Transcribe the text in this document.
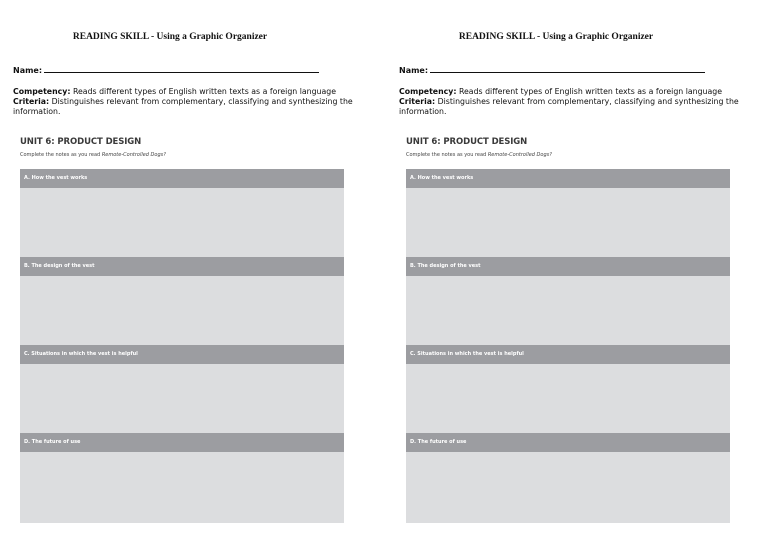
READING SKILL - Using a Graphic Organizer
Name:
Competency: Reads different types of English written texts as a foreign language
Criteria: Distinguishes relevant from complementary, classifying and synthesizing the information.
UNIT 6: PRODUCT DESIGN
Complete the notes as you read Remote-Controlled Dogs?
A. How the vest works
B. The design of the vest
C. Situations in which the vest is helpful
D. The future of use
READING SKILL - Using a Graphic Organizer
Name:
Competency: Reads different types of English written texts as a foreign language
Criteria: Distinguishes relevant from complementary, classifying and synthesizing the information.
UNIT 6: PRODUCT DESIGN
Complete the notes as you read Remote-Controlled Dogs?
A. How the vest works
B. The design of the vest
C. Situations in which the vest is helpful
D. The future of use
